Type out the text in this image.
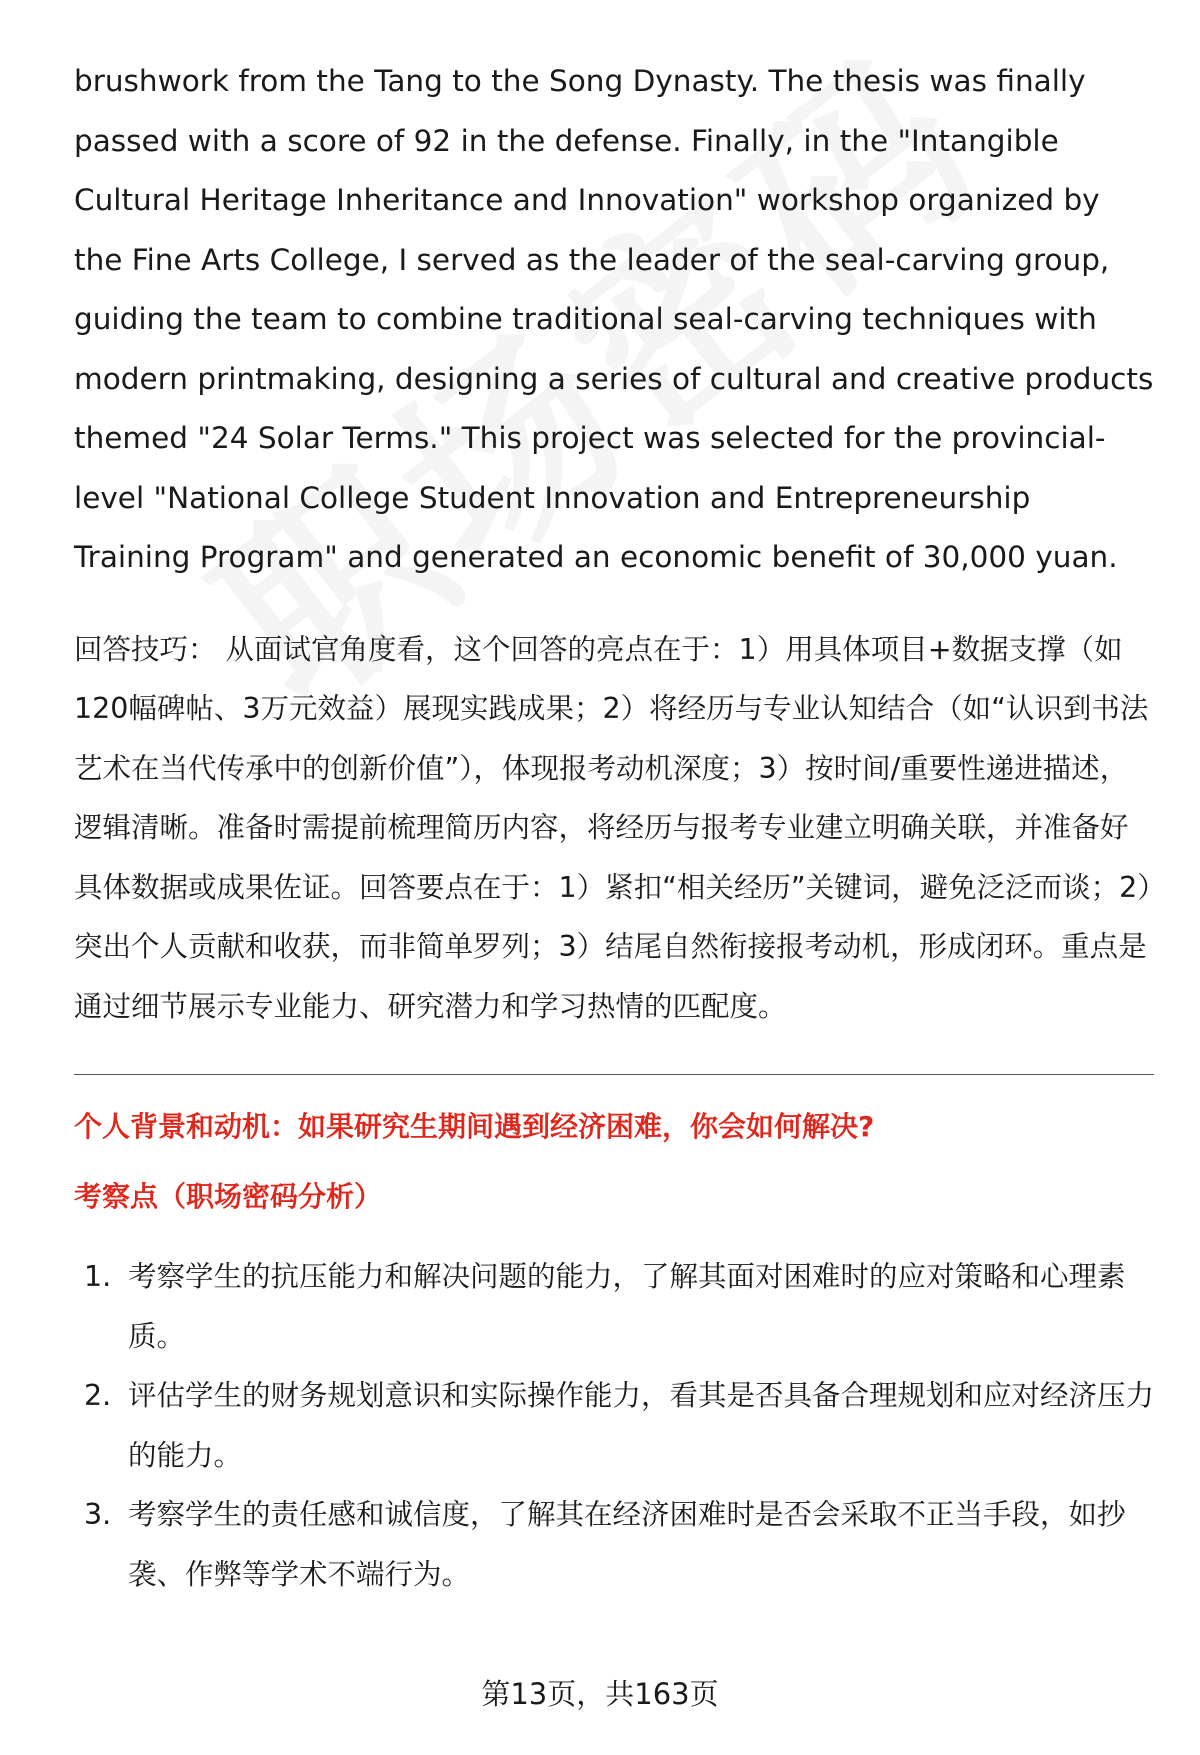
brushwork from the Tang to the Song Dynasty. The thesis was finally passed with a score of 92 in the defense. Finally, in the "Intangible Cultural Heritage Inheritance and Innovation" workshop organized by the Fine Arts College, I served as the leader of the seal-carving group, guiding the team to combine traditional seal-carving techniques with modern printmaking, designing a series of cultural and creative products themed "24 Solar Terms." This project was selected for the provincial-level "National College Student Innovation and Entrepreneurship Training Program" and generated an economic benefit of 30,000 yuan.

回答技巧： 从面试官角度看，这个回答的亮点在于：1）用具体项目+数据支撑（如120幅碑帖、3万元效益）展现实践成果；2）将经历与专业认知结合（如“认识到书法艺术在当代传承中的创新价值”），体现报考动机深度；3）按时间/重要性递进描述，逻辑清晰。准备时需提前梳理简历内容，将经历与报考专业建立明确关联，并准备好具体数据或成果佐证。回答要点在于：1）紧扣“相关经历”关键词，避免泛泛而谈；2）突出个人贡献和收获，而非简单罗列；3）结尾自然衔接报考动机，形成闭环。重点是通过细节展示专业能力、研究潜力和学习热情的匹配度。

个人背景和动机：如果研究生期间遇到经济困难，你会如何解决?
考察点（职场密码分析）
1. 考察学生的抗压能力和解决问题的能力，了解其面对困难时的应对策略和心理素质。
2. 评估学生的财务规划意识和实际操作能力，看其是否具备合理规划和应对经济压力的能力。
3. 考察学生的责任感和诚信度，了解其在经济困难时是否会采取不正当手段，如抄袭、作弊等学术不端行为。
第13页，共163页
